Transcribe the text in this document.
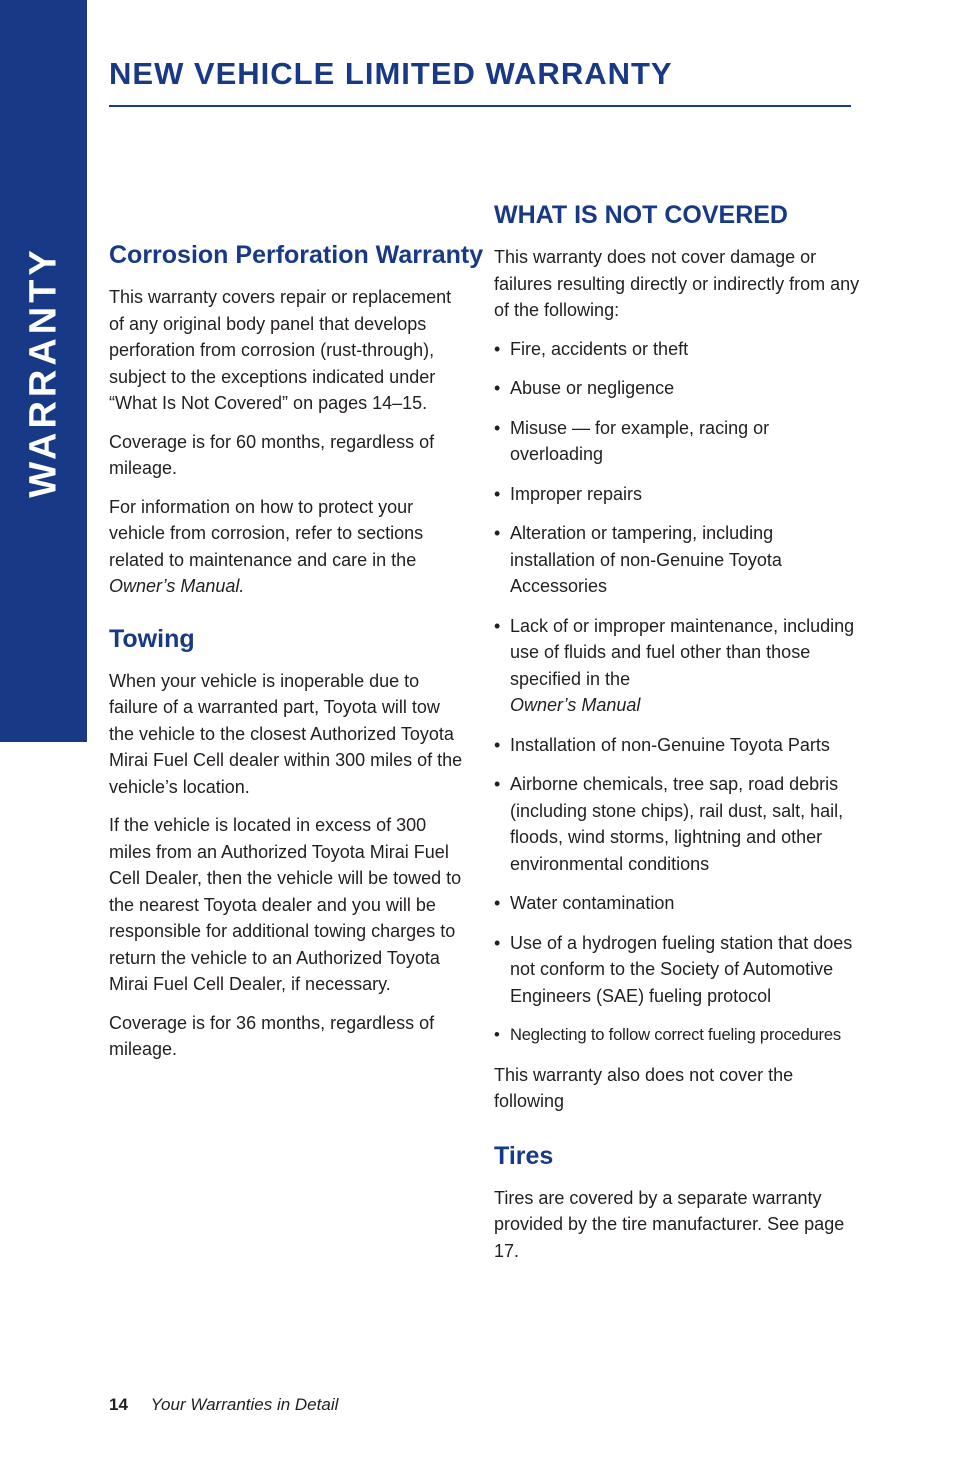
WARRANTY
NEW VEHICLE LIMITED WARRANTY
Corrosion Perforation Warranty

This warranty covers repair or replacement of any original body panel that develops perforation from corrosion (rust-through), subject to the exceptions indicated under “What Is Not Covered” on pages 14–15.

Coverage is for 60 months, regardless of mileage.

For information on how to protect your vehicle from corrosion, refer to sections related to maintenance and care in the Owner’s Manual.

Towing

When your vehicle is inoperable due to failure of a warranted part, Toyota will tow the vehicle to the closest Authorized Toyota Mirai Fuel Cell dealer within 300 miles of the vehicle’s location.

If the vehicle is located in excess of 300 miles from an Authorized Toyota Mirai Fuel Cell Dealer, then the vehicle will be towed to the nearest Toyota dealer and you will be responsible for additional towing charges to return the vehicle to an Authorized Toyota Mirai Fuel Cell Dealer, if necessary.

Coverage is for 36 months, regardless of mileage.

WHAT IS NOT COVERED

This warranty does not cover damage or failures resulting directly or indirectly from any of the following:

• Fire, accidents or theft
• Abuse or negligence
• Misuse — for example, racing or overloading
• Improper repairs
• Alteration or tampering, including installation of non-Genuine Toyota Accessories
• Lack of or improper maintenance, including use of fluids and fuel other than those specified in the
Owner’s Manual
• Installation of non-Genuine Toyota Parts
• Airborne chemicals, tree sap, road debris (including stone chips), rail dust, salt, hail, floods, wind storms, lightning and other environmental conditions
• Water contamination
• Use of a hydrogen fueling station that does not conform to the Society of Automotive Engineers (SAE) fueling protocol
• Neglecting to follow correct fueling procedures

This warranty also does not cover the following

Tires

Tires are covered by a separate warranty provided by the tire manufacturer. See page 17.

14 Your Warranties in Detail
